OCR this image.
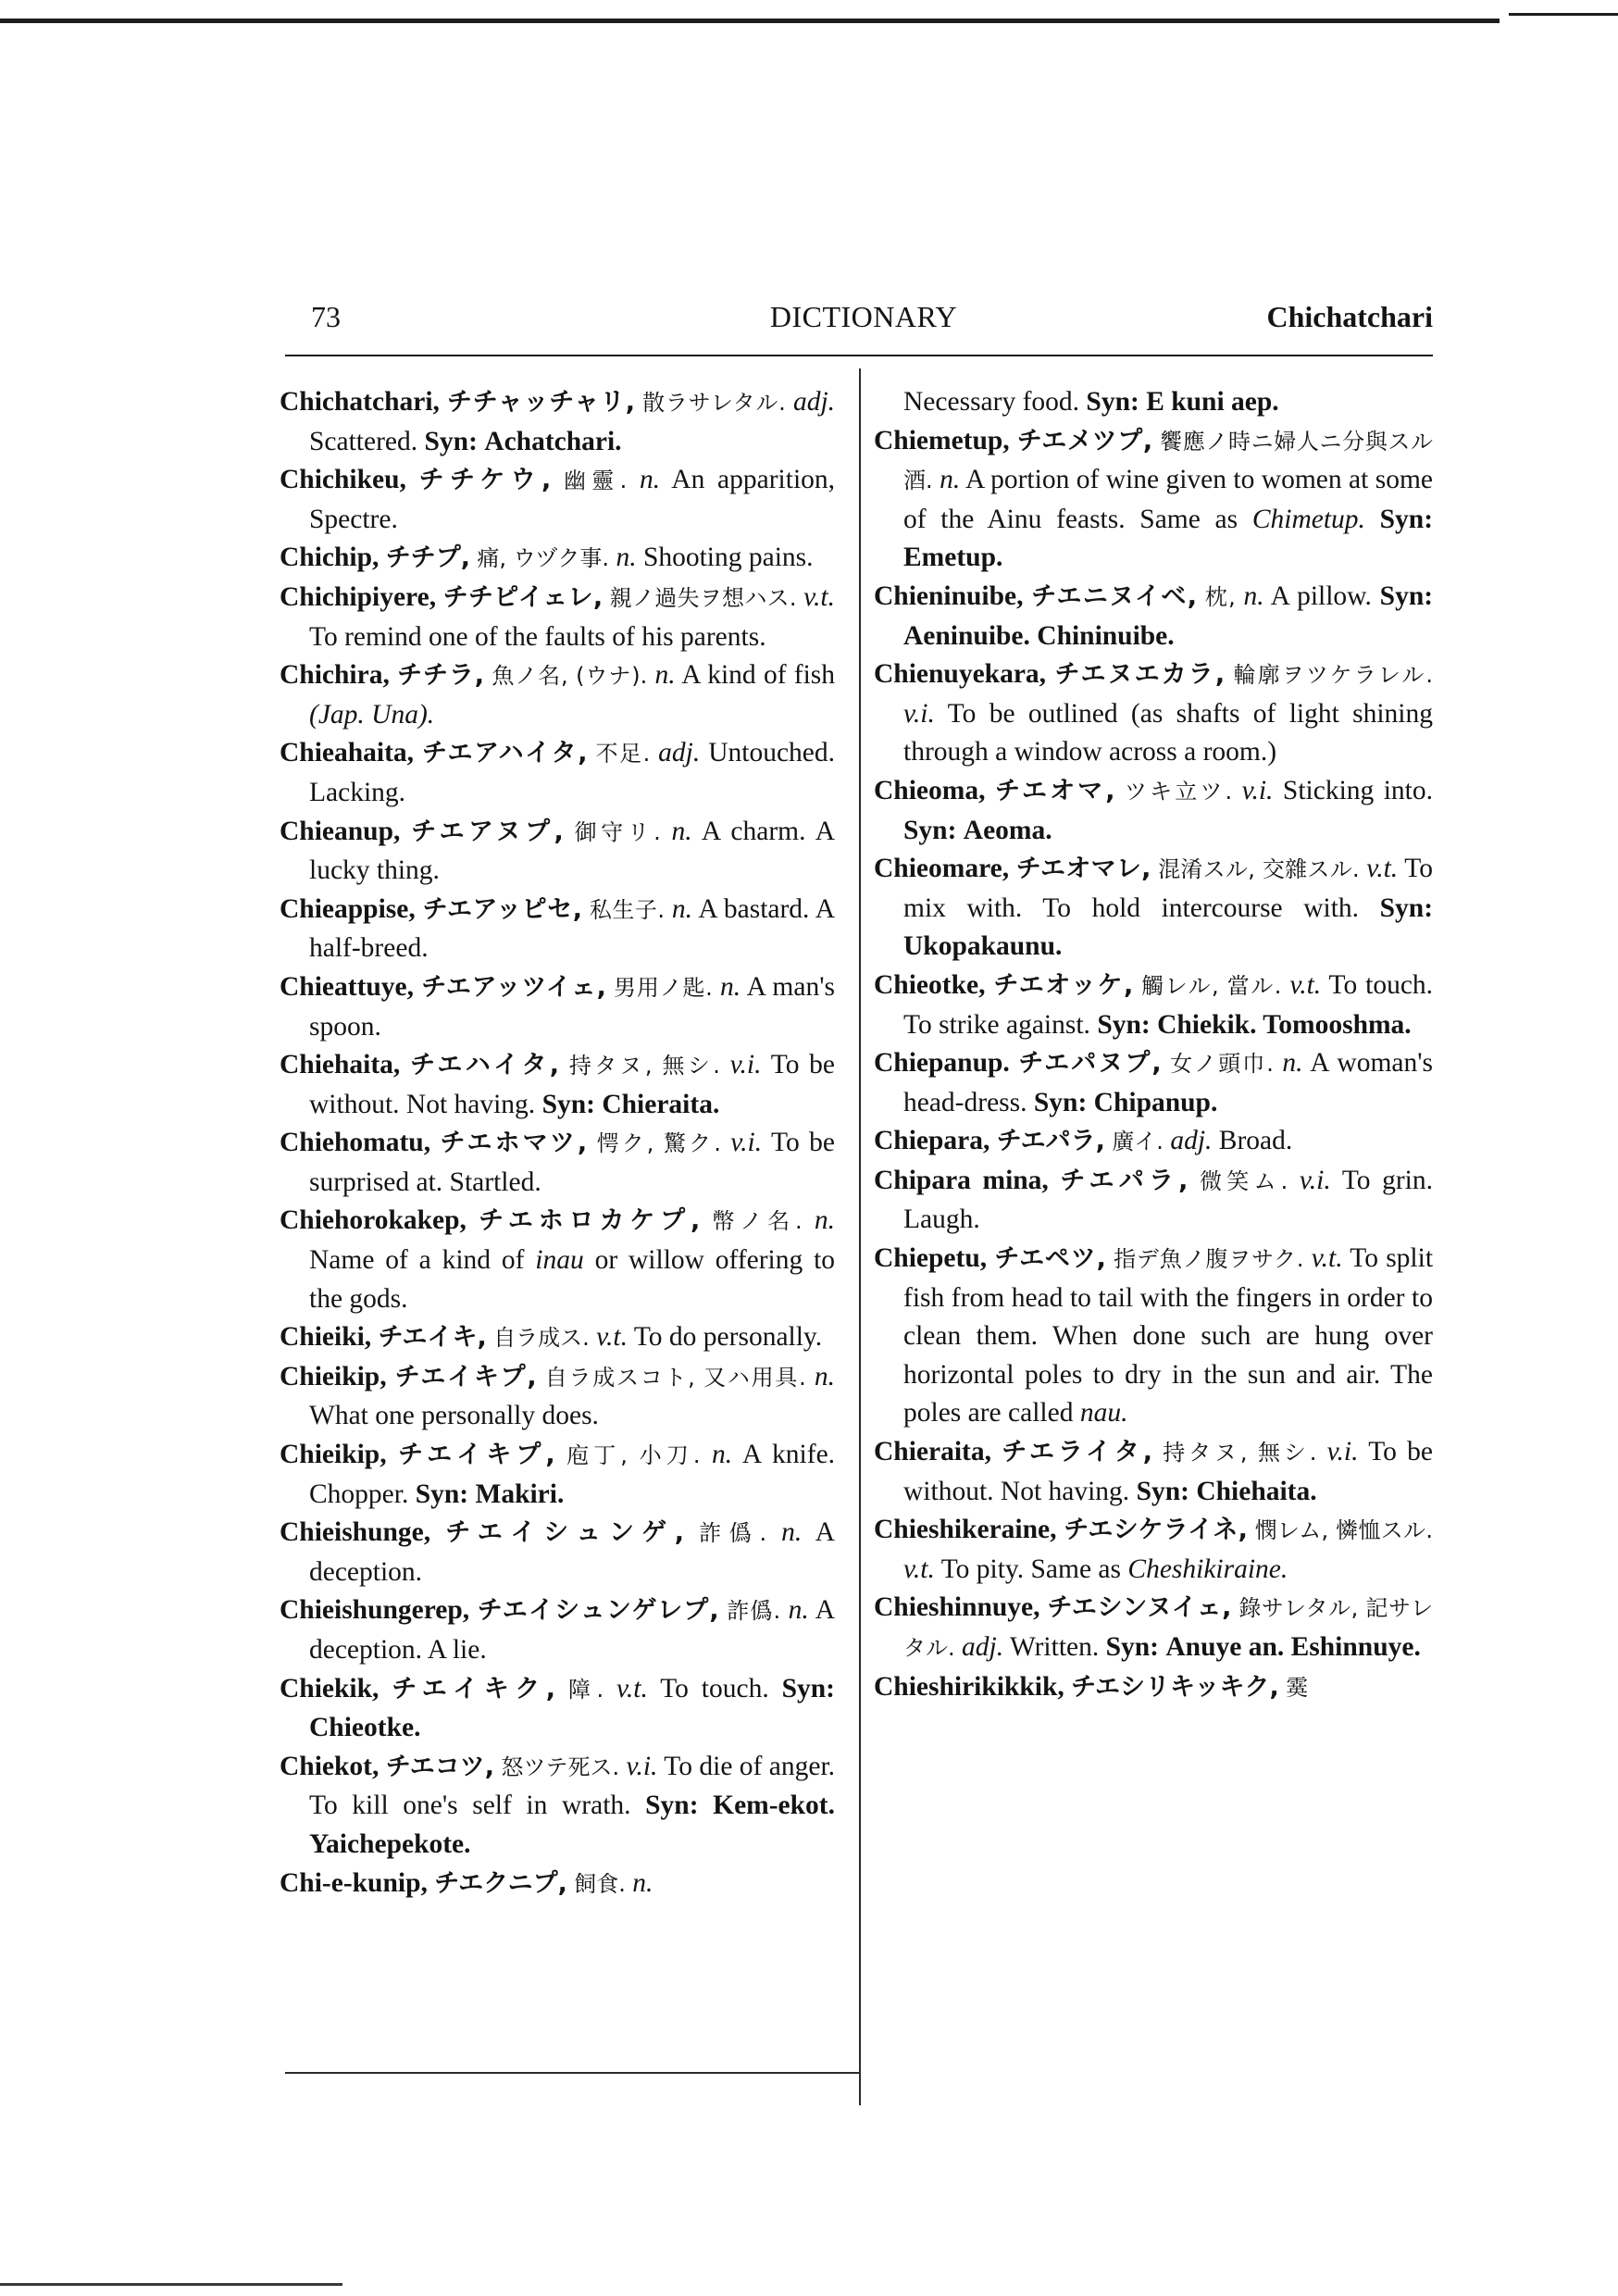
73	DICTIONARY	Chichatchari

Chichatchari, チチャッチャリ, 散ラサレタル. adj. Scattered. Syn: Achatchari.

Chichikeu, チチケウ, 幽靈. n. An apparition, Spectre.

Chichip, チチプ, 痛, ウヅク事. n. Shooting pains.

Chichipiyere, チチピイェレ, 親ノ過失ヲ想ハス. v.t. To remind one of the faults of his parents.

Chichira, チチラ, 魚ノ名, (ウナ). n. A kind of fish (Jap. Una).

Chieahaita, チエアハイタ, 不足. adj. Untouched. Lacking.

Chieanup, チエアヌプ, 御守リ. n. A charm. A lucky thing.

Chieappise, チエアッピセ, 私生子. n. A bastard. A half-breed.

Chieattuye, チエアッツイェ, 男用ノ匙. n. A man's spoon.

Chiehaita, チエハイタ, 持タヌ, 無シ. v.i. To be without. Not having. Syn: Chieraita.

Chiehomatu, チエホマツ, 愕ク, 驚ク. v.i. To be surprised at. Startled.

Chiehorokakep, チエホロカケプ, 幣ノ名. n. Name of a kind of inau or willow offering to the gods.

Chieiki, チエイキ, 自ラ成ス. v.t. To do personally.

Chieikip, チエイキプ, 自ラ成スコト, 又ハ用具. n. What one personally does.

Chieikip, チエイキプ, 庖丁, 小刀. n. A knife. Chopper. Syn: Makiri.

Chieishunge, チエイシュンゲ, 詐僞. n. A deception.

Chieishungerep, チエイシュンゲレプ, 詐僞. n. A deception. A lie.

Chiekik, チエイキク, 障. v.t. To touch. Syn: Chieotke.

Chiekot, チエコツ, 怒ツテ死ス. v.i. To die of anger. To kill one's self in wrath. Syn: Kem-ekot. Yaichepekote.

Chi-e-kunip, チエクニプ, 飼食. n.

Necessary food. Syn: E kuni aep.

Chiemetup, チエメツプ, 饗應ノ時ニ婦人ニ分與スル酒. n. A portion of wine given to women at some of the Ainu feasts. Same as Chimetup. Syn: Emetup.

Chieninuibe, チエニヌイベ, 枕, n. A pillow. Syn: Aeninuibe. Chininuibe.

Chienuyekara, チエヌエカラ, 輪廓ヲツケラレル. v.i. To be outlined (as shafts of light shining through a window across a room.)

Chieoma, チエオマ, ツキ立ツ. v.i. Sticking into. Syn: Aeoma.

Chieomare, チエオマレ, 混淆スル, 交雜スル. v.t. To mix with. To hold intercourse with. Syn: Ukopakaunu.

Chieotke, チエオッケ, 觸レル, 當ル. v.t. To touch. To strike against. Syn: Chiekik. Tomooshma.

Chiepanup. チエパヌプ, 女ノ頭巾. n. A woman's head-dress. Syn: Chipanup.

Chiepara, チエパラ, 廣イ. adj. Broad.

Chipara mina, チエパラ, 微笑ム. v.i. To grin. Laugh.

Chiepetu, チエペツ, 指デ魚ノ腹ヲサク. v.t. To split fish from head to tail with the fingers in order to clean them. When done such are hung over horizontal poles to dry in the sun and air. The poles are called nau.

Chieraita, チエライタ, 持タヌ, 無シ. v.i. To be without. Not having. Syn: Chiehaita.

Chieshikeraine, チエシケライネ, 憫レム, 憐恤スル. v.t. To pity. Same as Cheshikiraine.

Chieshinnuye, チエシンヌイェ, 錄サレタル, 記サレタル. adj. Written. Syn: Anuye an. Eshinnuye.

Chieshirikikkik, チエシリキッキク, 霙
